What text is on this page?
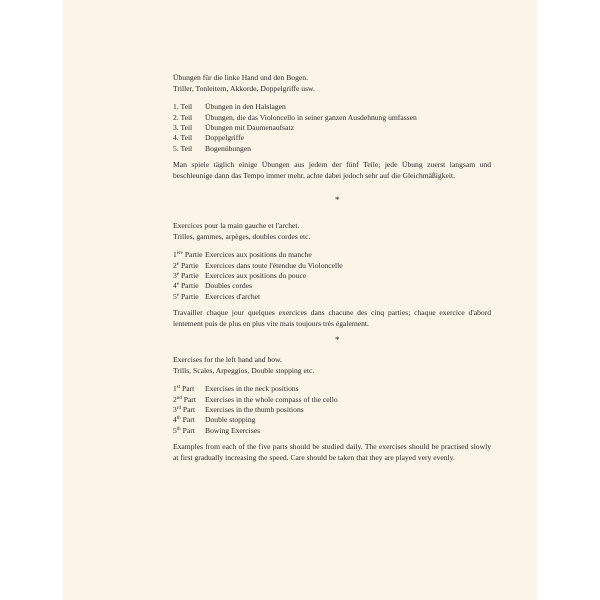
Übungen für die linke Hand und den Bogen.

Triller, Tonleitern, Akkorde, Doppelgriffe usw.

1. Teil	Übungen in den Halslagen
2. Teil	Übungen, die das Violoncello in seiner ganzen Ausdehnung umfassen
3. Teil	Übungen mit Daumenaufsatz
4. Teil	Doppelgriffe
5. Teil	Bogenübungen

Man spiele täglich einige Übungen aus jedem der fünf Teile; jede Übung zuerst langsam und beschleunige dann das Tempo immer mehr, achte dabei jedoch sehr auf die Gleichmäßigkeit.

*

Exercices pour la main gauche et l'archet.

Trilles, gammes, arpèges, doubles cordes etc.

1ère Partie Exercices aux positions du manche
2e Partie Exercices dans toute l'étendue du Violoncelle
3e Partie Exercices aux positions du pouce
4e Partie Doubles cordes
5e Partie Exercices d'archet

Travailler chaque jour quelques exercices dans chacune des cinq parties; chaque exercice d'abord lentement puis de plus en plus vite mais toujours très également.

*

Exercises for the left hand and bow.

Trills, Scales, Arpeggios, Double stopping etc.

1st Part	Exercises in the neck positions
2nd Part	Exercises in the whole compass of the cello
3rd Part	Exercises in the thumb positions
4th Part	Double stopping
5th Part	Bowing Exercises

Examples from each of the five parts should be studied daily. The exercises should be practised slowly at first gradually increasing the speed. Care should be taken that they are played very evenly.
